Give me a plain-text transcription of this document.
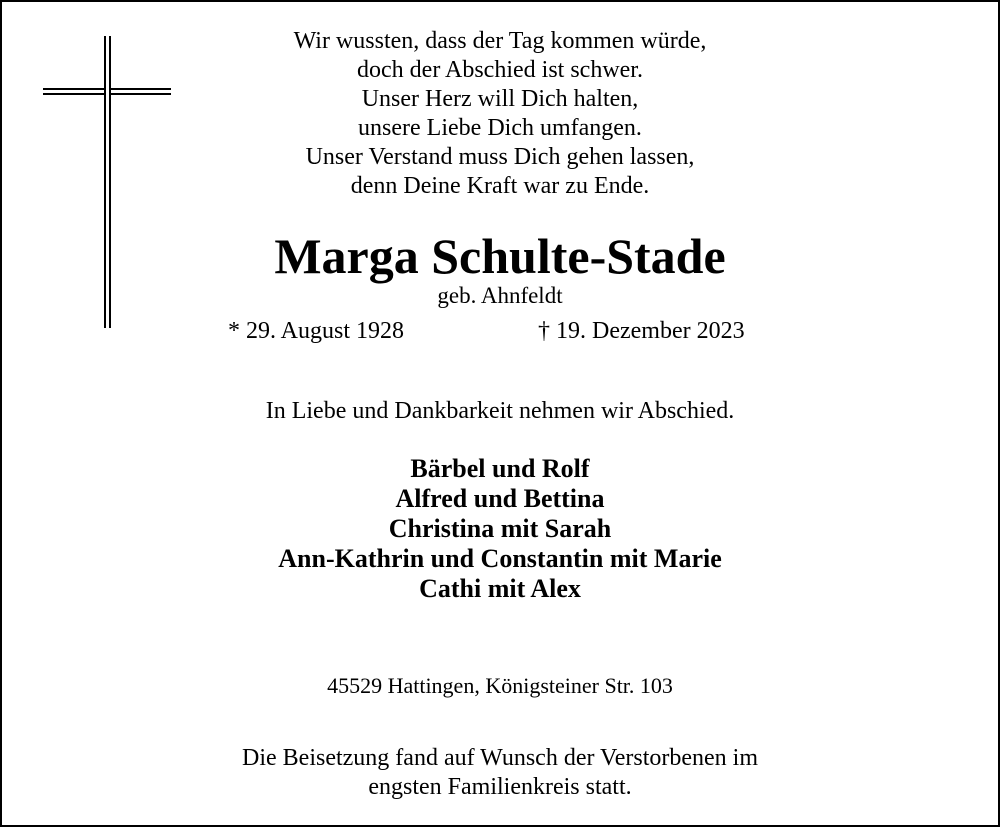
Wir wussten, dass der Tag kommen würde,
doch der Abschied ist schwer.
Unser Herz will Dich halten,
unsere Liebe Dich umfangen.
Unser Verstand muss Dich gehen lassen,
denn Deine Kraft war zu Ende.
Marga Schulte-Stade
geb. Ahnfeldt
* 29. August 1928	† 19. Dezember 2023
In Liebe und Dankbarkeit nehmen wir Abschied.
Bärbel und Rolf
Alfred und Bettina
Christina mit Sarah
Ann-Kathrin und Constantin mit Marie
Cathi mit Alex
45529 Hattingen, Königsteiner Str. 103
Die Beisetzung fand auf Wunsch der Verstorbenen im
engsten Familienkreis statt.
